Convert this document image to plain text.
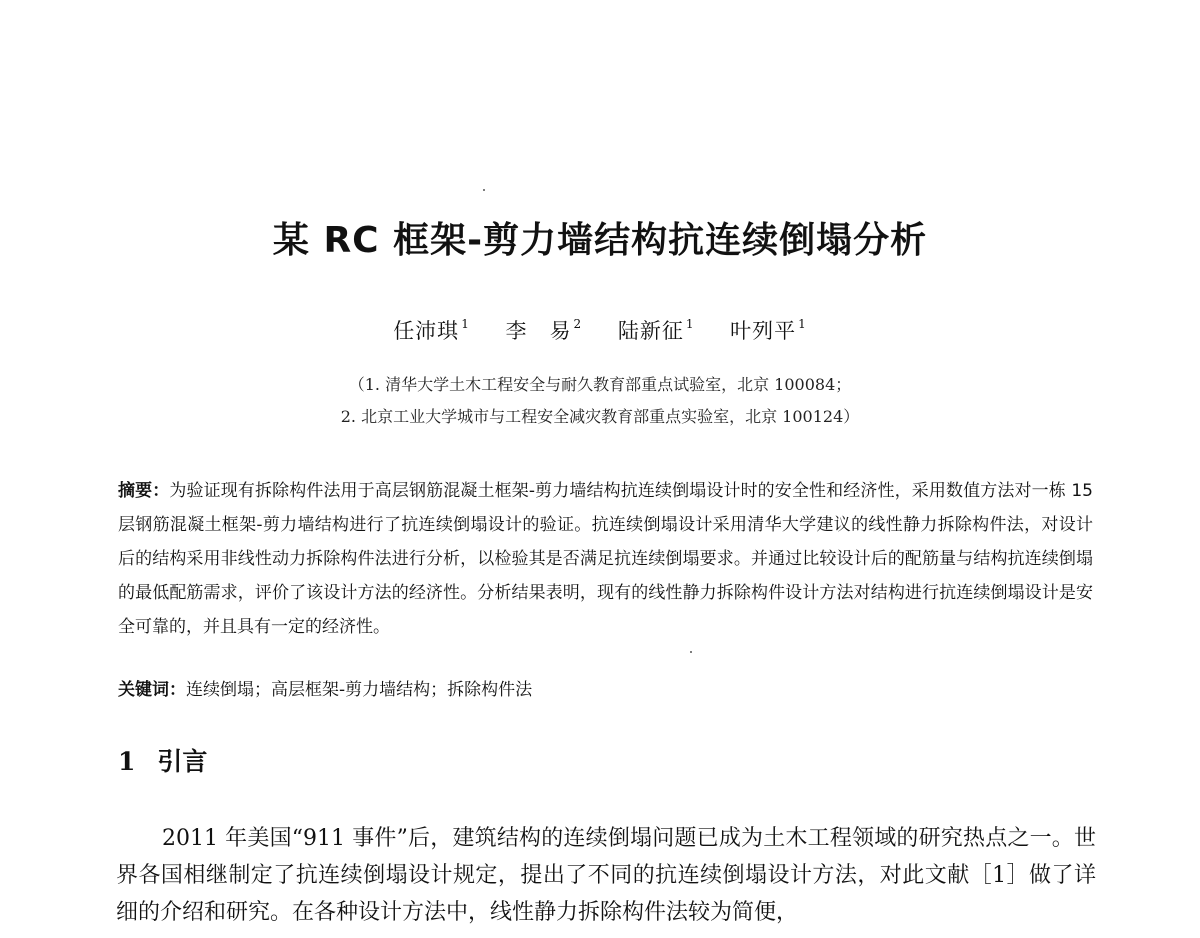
某 RC 框架-剪力墙结构抗连续倒塌分析
任沛琪 $^1$ 李　易 $^2$ 陆新征 $^1$ 叶列平 $^1$
（1. 清华大学土木工程安全与耐久教育部重点试验室，北京 100084；
2. 北京工业大学城市与工程安全减灾教育部重点实验室，北京 100124）
摘要：为验证现有拆除构件法用于高层钢筋混凝土框架-剪力墙结构抗连续倒塌设计时的安全性和经济性，采用数值方法对一栋 15 层钢筋混凝土框架-剪力墙结构进行了抗连续倒塌设计的验证。抗连续倒塌设计采用清华大学建议的线性静力拆除构件法，对设计后的结构采用非线性动力拆除构件法进行分析，以检验其是否满足抗连续倒塌要求。并通过比较设计后的配筋量与结构抗连续倒塌的最低配筋需求，评价了该设计方法的经济性。分析结果表明，现有的线性静力拆除构件设计方法对结构进行抗连续倒塌设计是安全可靠的，并且具有一定的经济性。
关键词：连续倒塌；高层框架-剪力墙结构；拆除构件法
1 引言
2011 年美国“911 事件”后，建筑结构的连续倒塌问题已成为土木工程领域的研究热点之一。世界各国相继制定了抗连续倒塌设计规定，提出了不同的抗连续倒塌设计方法，对此文献［1］做了详细的介绍和研究。在各种设计方法中，线性静力拆除构件法较为简便，
